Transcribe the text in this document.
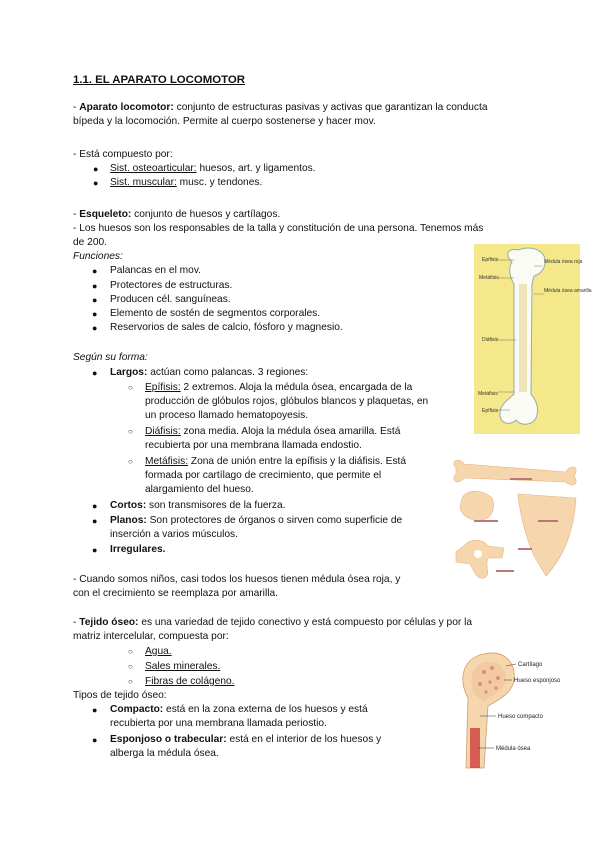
1.1. EL APARATO LOCOMOTOR
- Aparato locomotor: conjunto de estructuras pasivas y activas que garantizan la conducta
bípeda y la locomoción. Permite al cuerpo sostenerse y hacer mov.
- Está compuesto por:
● Sist. osteoarticular: huesos, art. y ligamentos.
● Sist. muscular: musc. y tendones.
- Esqueleto: conjunto de huesos y cartílagos.
- Los huesos son los responsables de la talla y constitución de una persona. Tenemos más
de 200.
Funciones:
● Palancas en el mov.
● Protectores de estructuras.
● Producen cél. sanguíneas.
● Elemento de sostén de segmentos corporales.
● Reservorios de sales de calcio, fósforo y magnesio.
Según su forma:
● Largos: actúan como palancas. 3 regiones:
○ Epífisis: 2 extremos. Aloja la médula ósea, encargada de la
producción de glóbulos rojos, glóbulos blancos y plaquetas, en
un proceso llamado hematopoyesis.
○ Diáfisis: zona media. Aloja la médula ósea amarilla. Está
recubierta por una membrana llamada endostio.
○ Metáfisis: Zona de unión entre la epífisis y la diáfisis. Está
formada por cartílago de crecimiento, que permite el
alargamiento del hueso.
● Cortos: son transmisores de la fuerza.
● Planos: Son protectores de órganos o sirven como superficie de
inserción a varios músculos.
● Irregulares.
- Cuando somos niños, casi todos los huesos tienen médula ósea roja, y
con el crecimiento se reemplaza por amarilla.
- Tejido óseo: es una variedad de tejido conectivo y está compuesto por células y por la
matriz intercelular, compuesta por:
○ Agua.
○ Sales minerales.
○ Fibras de colágeno.
Tipos de tejido óseo:
● Compacto: está en la zona externa de los huesos y está
recubierta por una membrana llamada periostio.
● Esponjoso o trabecular: está en el interior de los huesos y
alberga la médula ósea.
Epífisis
Metáfisis
Médula ósea roja
Médula ósea amarilla
Diáfisis
Metáfisis
Epífisis
Cartílago
Hueso esponjoso
Hueso compacto
Médula ósea
